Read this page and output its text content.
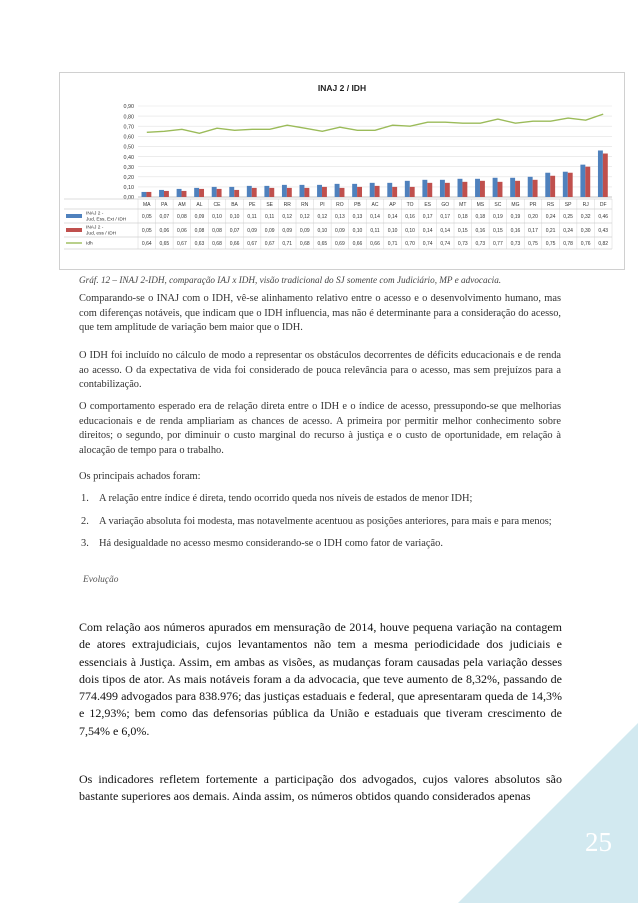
INAJ 2 / IDH
0,00
0,10
0,20
0,30
0,40
0,50
0,60
0,70
0,80
0,90
MA PA AM AL CE BA PE SE RR RN PI RO PB AC AP TO ES GO MT MS SC MG PR RS SP RJ DF
INAJ 2 -
Jud, Ess, Ext / IDH	0,05 0,07 0,08 0,09 0,10 0,10 0,11 0,11 0,12 0,12 0,12 0,13 0,13 0,14 0,14 0,16 0,17 0,17 0,18 0,18 0,19 0,19 0,20 0,24 0,25 0,32 0,46
INAJ 2 -
Jud, ess / IDH	0,05 0,06 0,06 0,08 0,08 0,07 0,09 0,09 0,09 0,09 0,10 0,09 0,10 0,11 0,10 0,10 0,14 0,14 0,15 0,16 0,15 0,16 0,17 0,21 0,24 0,30 0,43
Idh	0,64 0,65 0,67 0,63 0,68 0,66 0,67 0,67 0,71 0,68 0,65 0,69 0,66 0,66 0,71 0,70 0,74 0,74 0,73 0,73 0,77 0,73 0,75 0,75 0,78 0,76 0,82
Gráf. 12 – INAJ 2-IDH, comparação IAJ x IDH, visão tradicional do SJ somente com Judiciário, MP e advocacia.

Comparando-se o INAJ com o IDH, vê-se alinhamento relativo entre o acesso e o desenvolvimento humano, mas com diferenças notáveis, que indicam que o IDH influencia, mas não é determinante para a consideração do acesso, que tem amplitude de variação bem maior que o IDH.

O IDH foi incluído no cálculo de modo a representar os obstáculos decorrentes de déficits educacionais e de renda ao acesso. O da expectativa de vida foi considerado de pouca relevância para o acesso, mas sem prejuízos para a contabilização.

O comportamento esperado era de relação direta entre o IDH e o índice de acesso, pressupondo-se que melhorias educacionais e de renda ampliariam as chances de acesso. A primeira por permitir melhor conhecimento sobre direitos; o segundo, por diminuir o custo marginal do recurso à justiça e o custo de oportunidade, em relação à alocação de tempo para o trabalho.

Os principais achados foram:

1. A relação entre índice é direta, tendo ocorrido queda nos níveis de estados de menor IDH;
2. A variação absoluta foi modesta, mas notavelmente acentuou as posições anteriores, para mais e para menos;
3. Há desigualdade no acesso mesmo considerando-se o IDH como fator de variação.
Evolução

Com relação aos números apurados em mensuração de 2014, houve pequena variação na contagem de atores extrajudiciais, cujos levantamentos não tem a mesma periodicidade dos judiciais e essenciais à Justiça. Assim, em ambas as visões, as mudanças foram causadas pela variação desses dois tipos de ator. As mais notáveis foram a da advocacia, que teve aumento de 8,32%, passando de 774.499 advogados para 838.976; das justiças estaduais e federal, que apresentaram queda de 14,3% e 12,93%; bem como das defensorias pública da União e estaduais que tiveram crescimento de 7,54% e 6,0%.

Os indicadores refletem fortemente a participação dos advogados, cujos valores absolutos são bastante superiores aos demais. Ainda assim, os números obtidos quando considerados apenas

25
